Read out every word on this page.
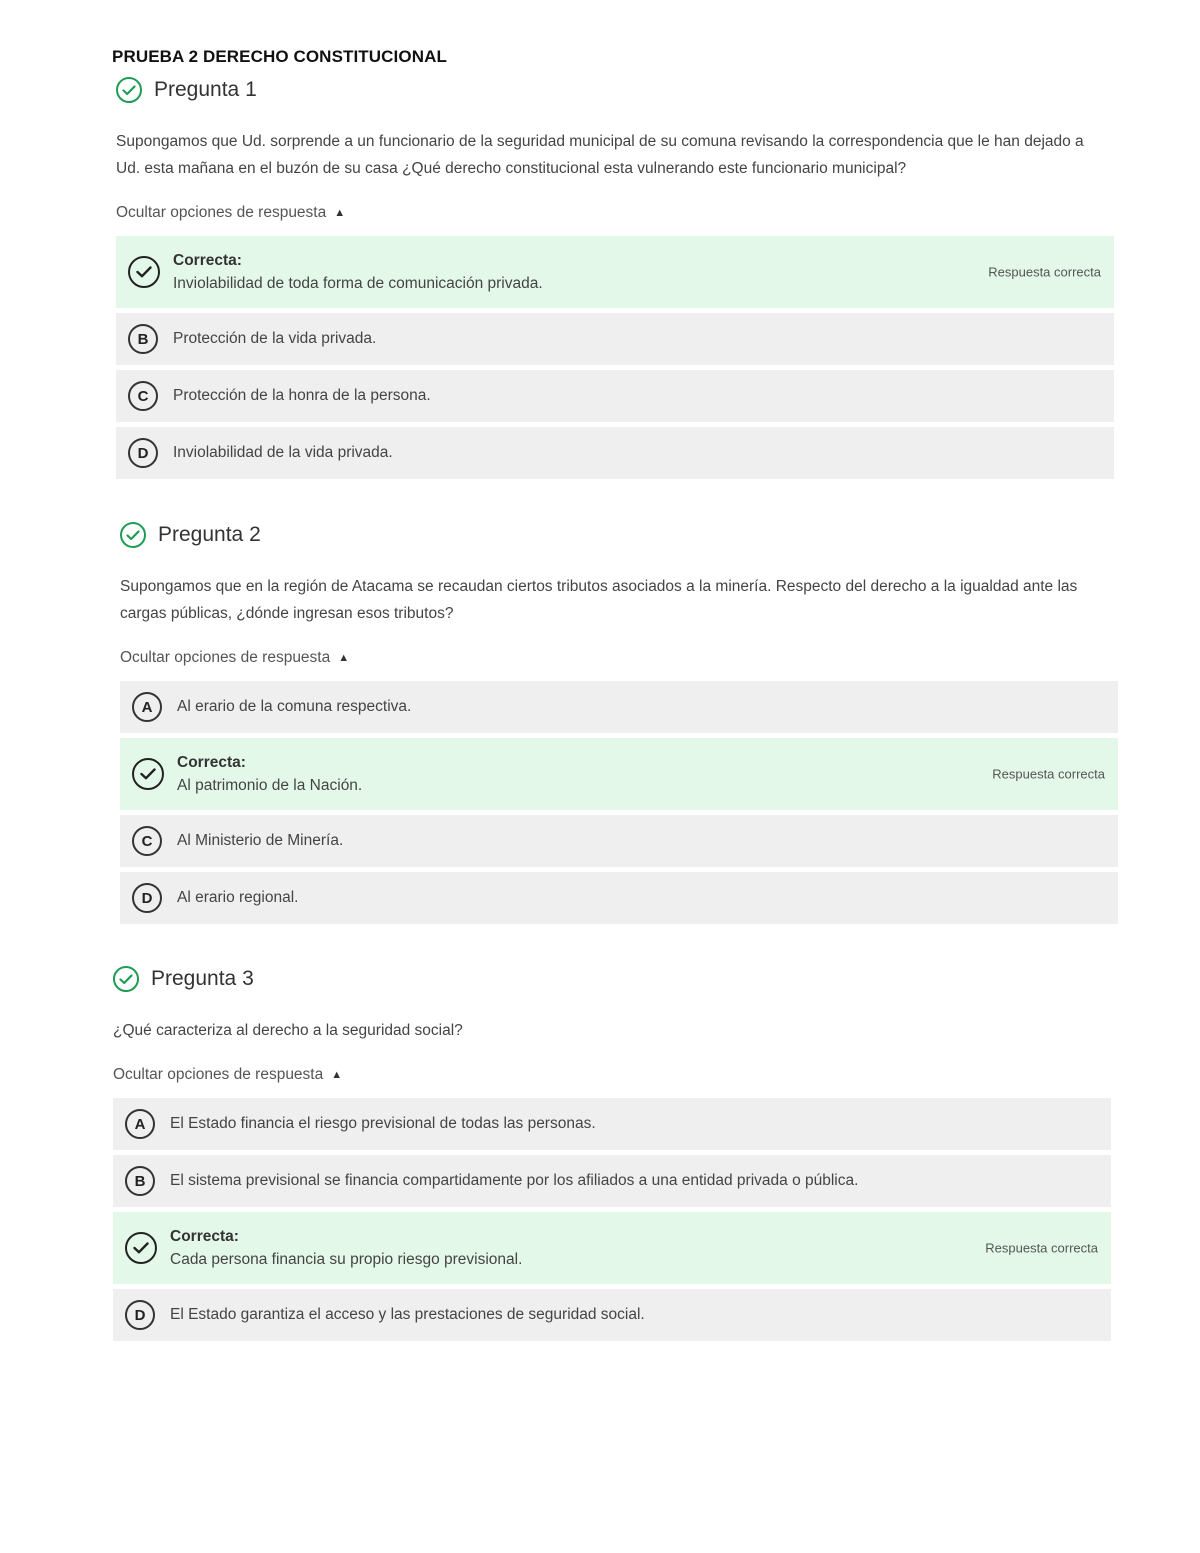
PRUEBA 2 DERECHO CONSTITUCIONAL
Pregunta 1
Supongamos que Ud. sorprende a un funcionario de la seguridad municipal de su comuna revisando la correspondencia que le han dejado a Ud. esta mañana en el buzón de su casa ¿Qué derecho constitucional esta vulnerando este funcionario municipal?
Ocultar opciones de respuesta ▲
Correcta:
Inviolabilidad de toda forma de comunicación privada.
Respuesta correcta
B	Protección de la vida privada.
C	Protección de la honra de la persona.
D	Inviolabilidad de la vida privada.
Pregunta 2
Supongamos que en la región de Atacama se recaudan ciertos tributos asociados a la minería. Respecto del derecho a la igualdad ante las cargas públicas, ¿dónde ingresan esos tributos?
Ocultar opciones de respuesta ▲
A	Al erario de la comuna respectiva.
Correcta:
Al patrimonio de la Nación.
Respuesta correcta
C	Al Ministerio de Minería.
D	Al erario regional.
Pregunta 3
¿Qué caracteriza al derecho a la seguridad social?
Ocultar opciones de respuesta ▲
A	El Estado financia el riesgo previsional de todas las personas.
B	El sistema previsional se financia compartidamente por los afiliados a una entidad privada o pública.
Correcta:
Cada persona financia su propio riesgo previsional.
Respuesta correcta
D	El Estado garantiza el acceso y las prestaciones de seguridad social.
